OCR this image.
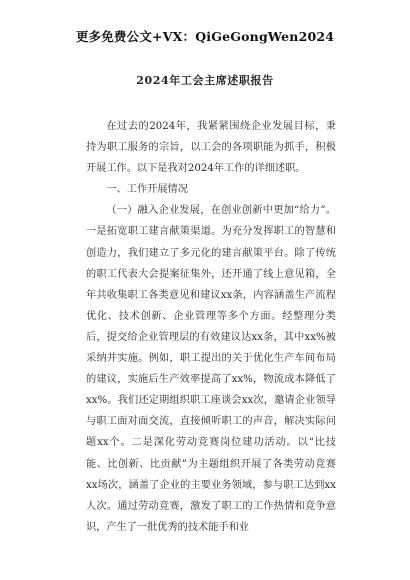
更多免费公文+VX：QiGeGongWen2024
2024年工会主席述职报告

在过去的2024年，我紧紧围绕企业发展目标，秉持为职工服务的宗旨，以工会的各项职能为抓手，积极开展工作。以下是我对2024年工作的详细述职。

一、工作开展情况

（一）融入企业发展，在创业创新中更加“给力”。一是拓宽职工建言献策渠道。为充分发挥职工的智慧和创造力，我们建立了多元化的建言献策平台。除了传统的职工代表大会提案征集外，还开通了线上意见箱，全年共收集职工各类意见和建议xx条，内容涵盖生产流程优化、技术创新、企业管理等多个方面。经整理分类后，提交给企业管理层的有效建议达xx条，其中xx%被采纳并实施。例如，职工提出的关于优化生产车间布局的建议，实施后生产效率提高了xx%，物流成本降低了xx%。我们还定期组织职工座谈会xx次，邀请企业领导与职工面对面交流，直接倾听职工的声音，解决实际问题xx个。二是深化劳动竞赛岗位建功活动。以“比技能、比创新、比贡献”为主题组织开展了各类劳动竞赛xx场次，涵盖了企业的主要业务领域，参与职工达到xx人次。通过劳动竞赛，激发了职工的工作热情和竞争意识，产生了一批优秀的技术能手和业
